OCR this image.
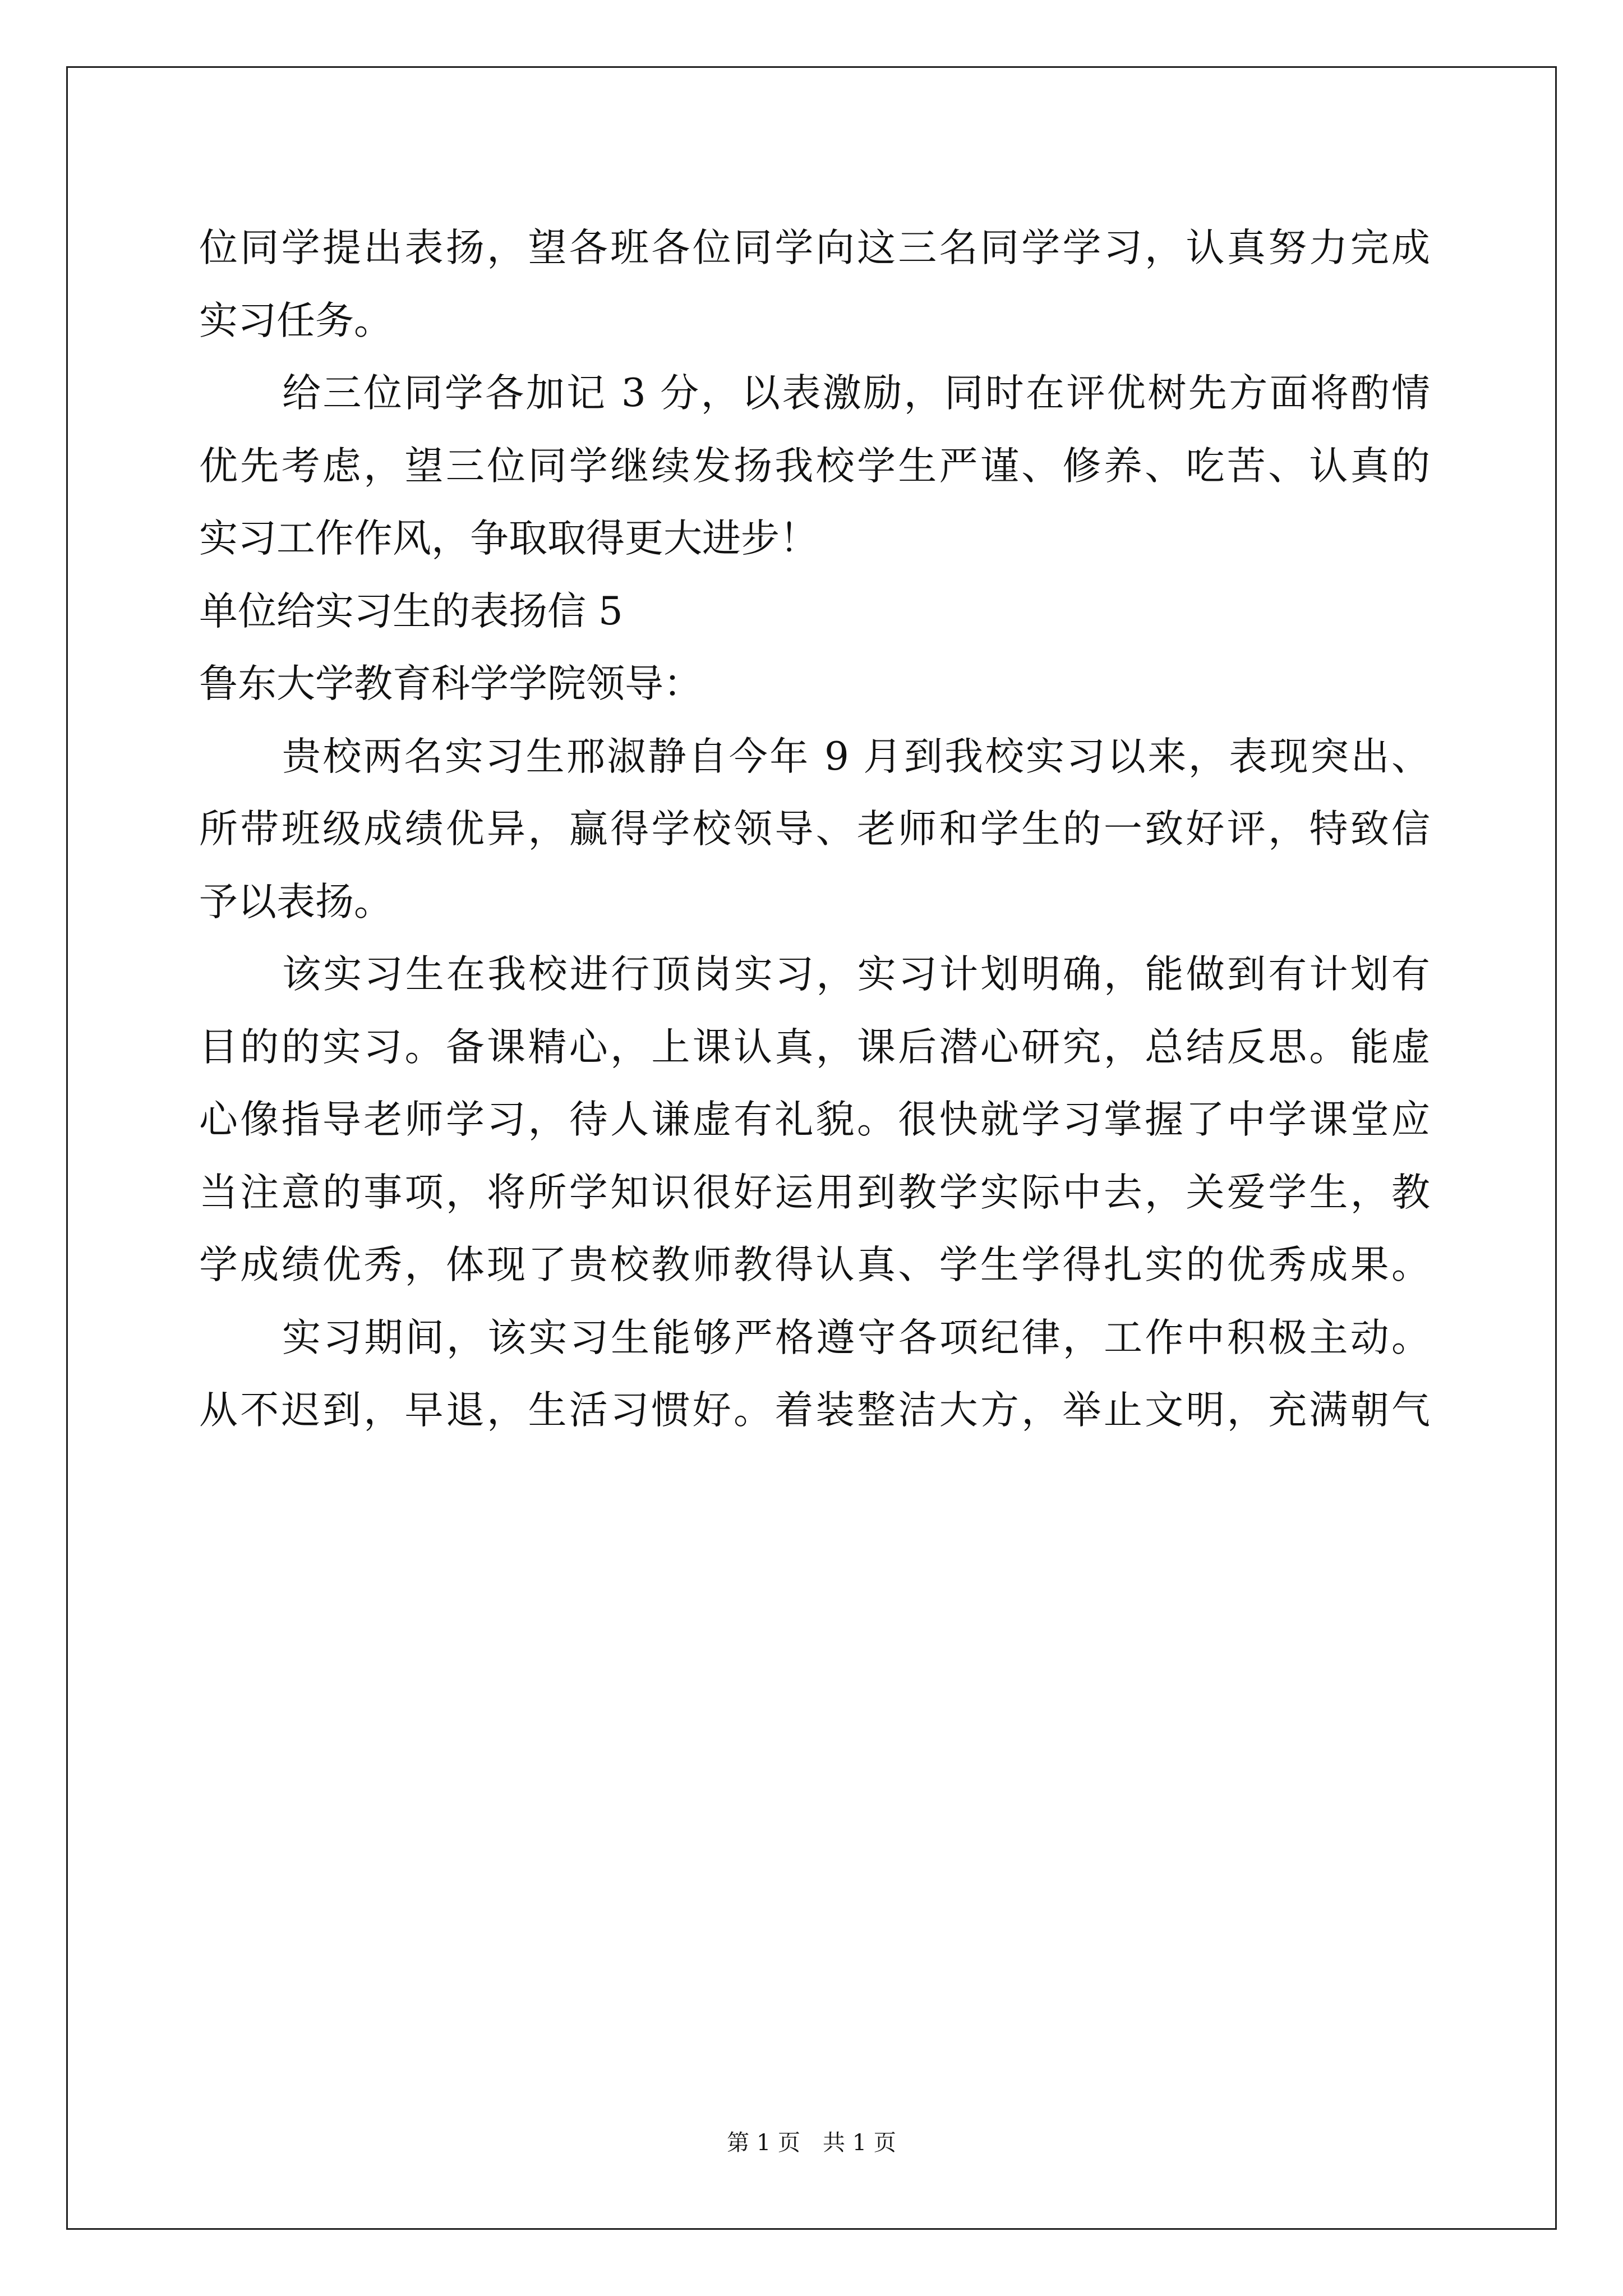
位同学提出表扬，望各班各位同学向这三名同学学习，认真努力完成
实习任务。
给三位同学各加记 3 分，以表激励，同时在评优树先方面将酌情
优先考虑，望三位同学继续发扬我校学生严谨、修养、吃苦、认真的
实习工作作风，争取取得更大进步！
单位给实习生的表扬信 5
鲁东大学教育科学学院领导：
贵校两名实习生邢淑静自今年 9 月到我校实习以来，表现突出、
所带班级成绩优异，赢得学校领导、老师和学生的一致好评，特致信
予以表扬。
该实习生在我校进行顶岗实习，实习计划明确，能做到有计划有
目的的实习。备课精心，上课认真，课后潜心研究，总结反思。能虚
心像指导老师学习，待人谦虚有礼貌。很快就学习掌握了中学课堂应
当注意的事项，将所学知识很好运用到教学实际中去，关爱学生，教
学成绩优秀，体现了贵校教师教得认真、学生学得扎实的优秀成果。
实习期间，该实习生能够严格遵守各项纪律，工作中积极主动。
从不迟到，早退，生活习惯好。着装整洁大方，举止文明，充满朝气
第 1 页　共 1 页
